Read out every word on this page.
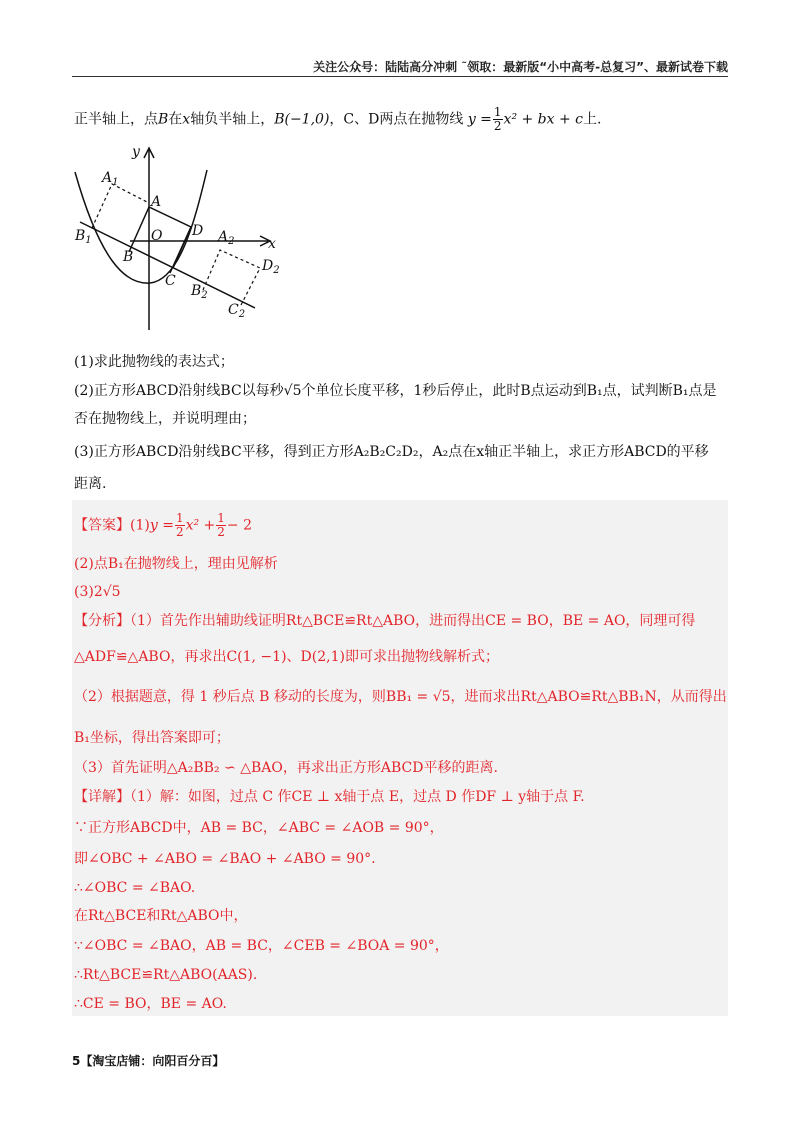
关注公众号：陆陆高分冲刺 ˜领取：最新版“小中高考-总复习”、最新试卷下载
正半轴上，点B在x轴负半轴上，B(−1,0)，C、D两点在抛物线 $y = \frac{1}{2} x^2$ + bx + c上.
y
x
O
A
B
C
D
$A_1$
$B_1$	$A_2$
$B_2$
$C_2$
$D_2$
(1)求此抛物线的表达式；
(2)正方形ABCD沿射线BC以每秒√5个单位长度平移，1秒后停止，此时B点运动到B₁点，试判断B₁点是
否在抛物线上，并说明理由；
(3)正方形ABCD沿射线BC平移，得到正方形A₂B₂C₂D₂，A₂点在x轴正半轴上，求正方形ABCD的平移
距离.
【答案】$(1)y = \frac{1}{2} x^2 + \frac{1}{2} - 2$
(2)点B₁在抛物线上，理由见解析
(3)2√5
【分析】（1）首先作出辅助线证明Rt△BCE≌Rt△ABO，进而得出CE = BO，BE = AO，同理可得
△ADF≌△ABO，再求出C(1, −1)、D(2,1)即可求出抛物线解析式；
（2）根据题意，得 1 秒后点 B 移动的长度为，则BB₁ = √5，进而求出Rt△ABO≌Rt△BB₁N，从而得出
B₁坐标，得出答案即可；
（3）首先证明△A₂BB₂ ∽ △BAO，再求出正方形ABCD平移的距离.
【详解】（1）解：如图，过点 C 作CE ⊥ x轴于点 E，过点 D 作DF ⊥ y轴于点 F.
∵正方形ABCD中，AB = BC，∠ABC = ∠AOB = 90°，
即∠OBC + ∠ABO = ∠BAO + ∠ABO = 90°.
∴∠OBC = ∠BAO.
在Rt△BCE和Rt△ABO中，
∵∠OBC = ∠BAO，AB = BC，∠CEB = ∠BOA = 90°，
∴Rt△BCE≌Rt△ABO(AAS).
∴CE = BO，BE = AO.
5【淘宝店铺：向阳百分百】
